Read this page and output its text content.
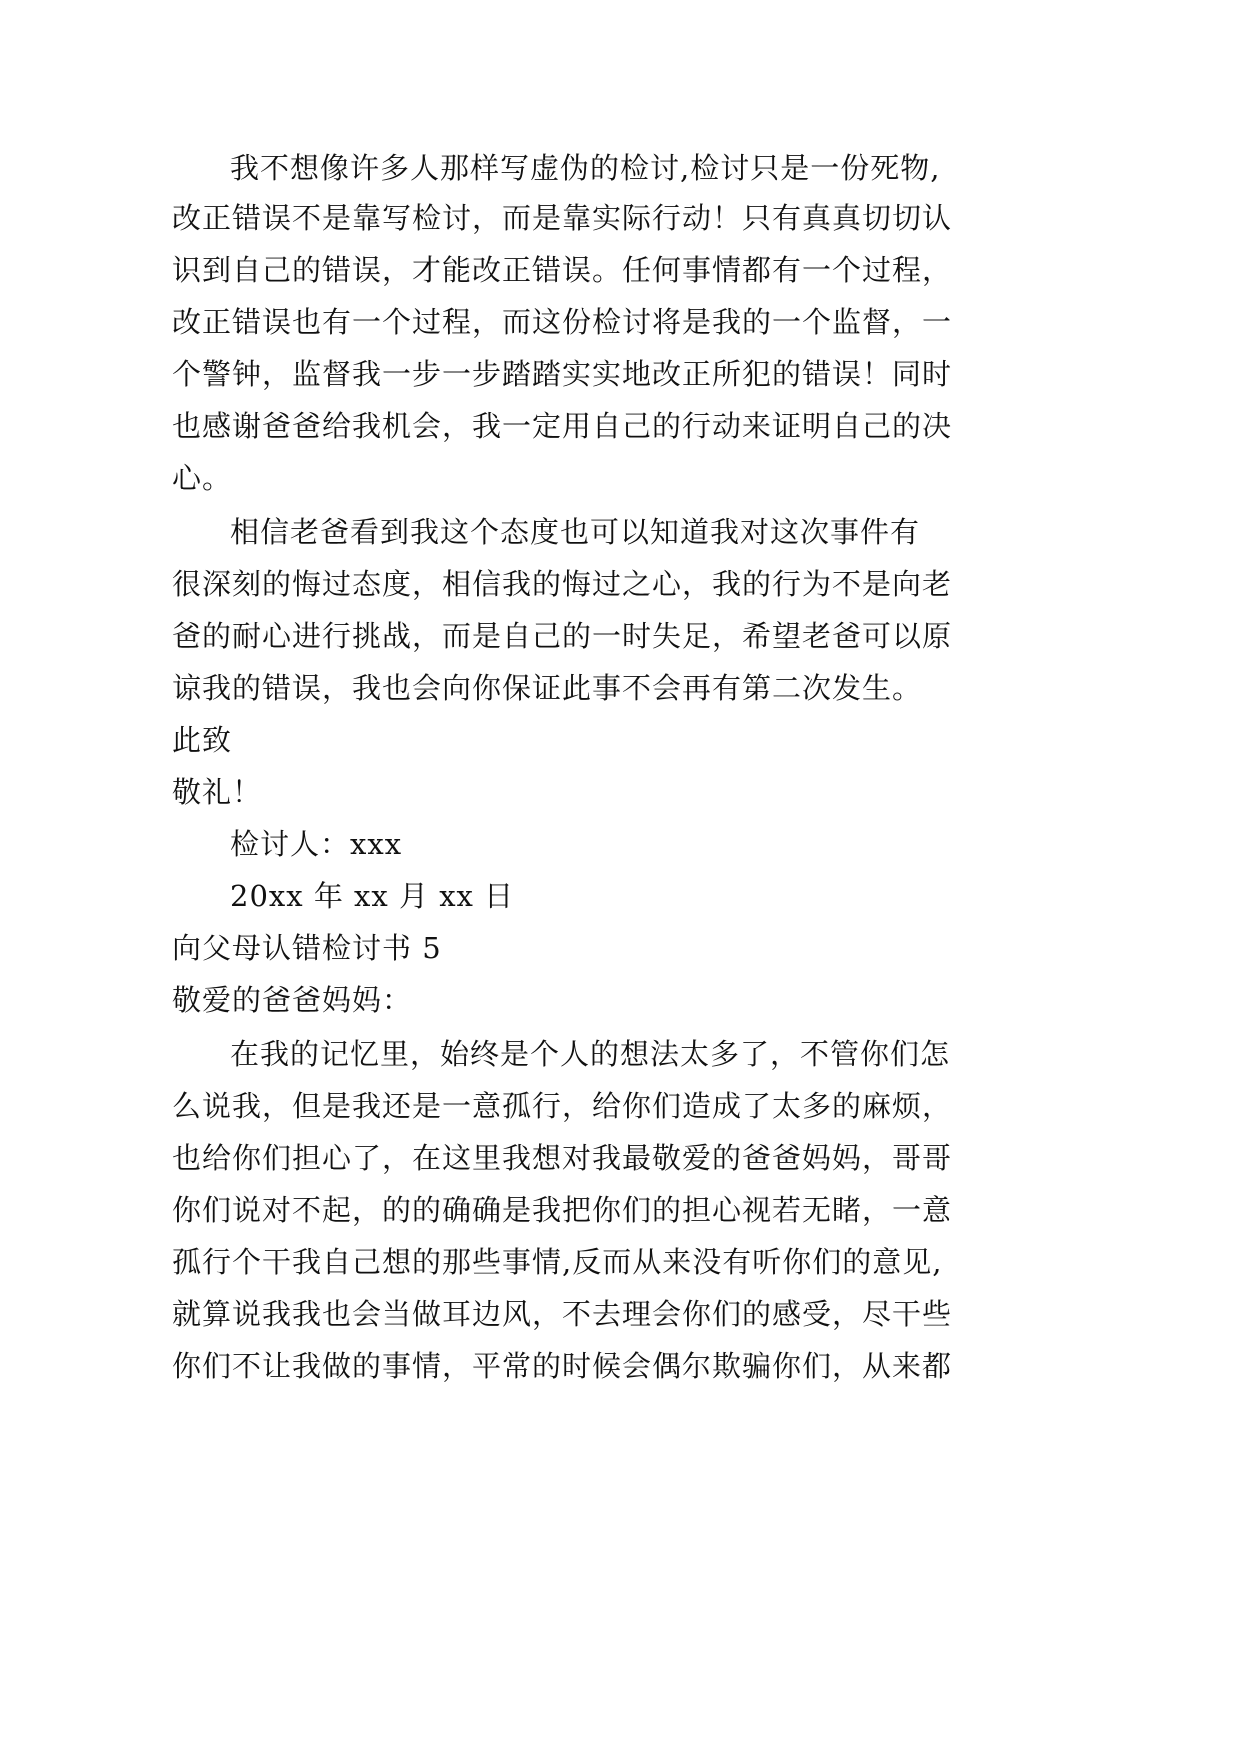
我不想像许多人那样写虚伪的检讨,检讨只是一份死物,
改正错误不是靠写检讨，而是靠实际行动！只有真真切切认
识到自己的错误，才能改正错误。任何事情都有一个过程，
改正错误也有一个过程，而这份检讨将是我的一个监督，一
个警钟，监督我一步一步踏踏实实地改正所犯的错误！同时
也感谢爸爸给我机会，我一定用自己的行动来证明自己的决
心。
相信老爸看到我这个态度也可以知道我对这次事件有
很深刻的悔过态度，相信我的悔过之心，我的行为不是向老
爸的耐心进行挑战，而是自己的一时失足，希望老爸可以原
谅我的错误，我也会向你保证此事不会再有第二次发生。
此致
敬礼！
检讨人：xxx
20xx 年 xx 月 xx 日
向父母认错检讨书 5
敬爱的爸爸妈妈：
在我的记忆里，始终是个人的想法太多了，不管你们怎
么说我，但是我还是一意孤行，给你们造成了太多的麻烦，
也给你们担心了，在这里我想对我最敬爱的爸爸妈妈，哥哥
你们说对不起，的的确确是我把你们的担心视若无睹，一意
孤行个干我自己想的那些事情,反而从来没有听你们的意见,
就算说我我也会当做耳边风，不去理会你们的感受，尽干些
你们不让我做的事情，平常的时候会偶尔欺骗你们，从来都
